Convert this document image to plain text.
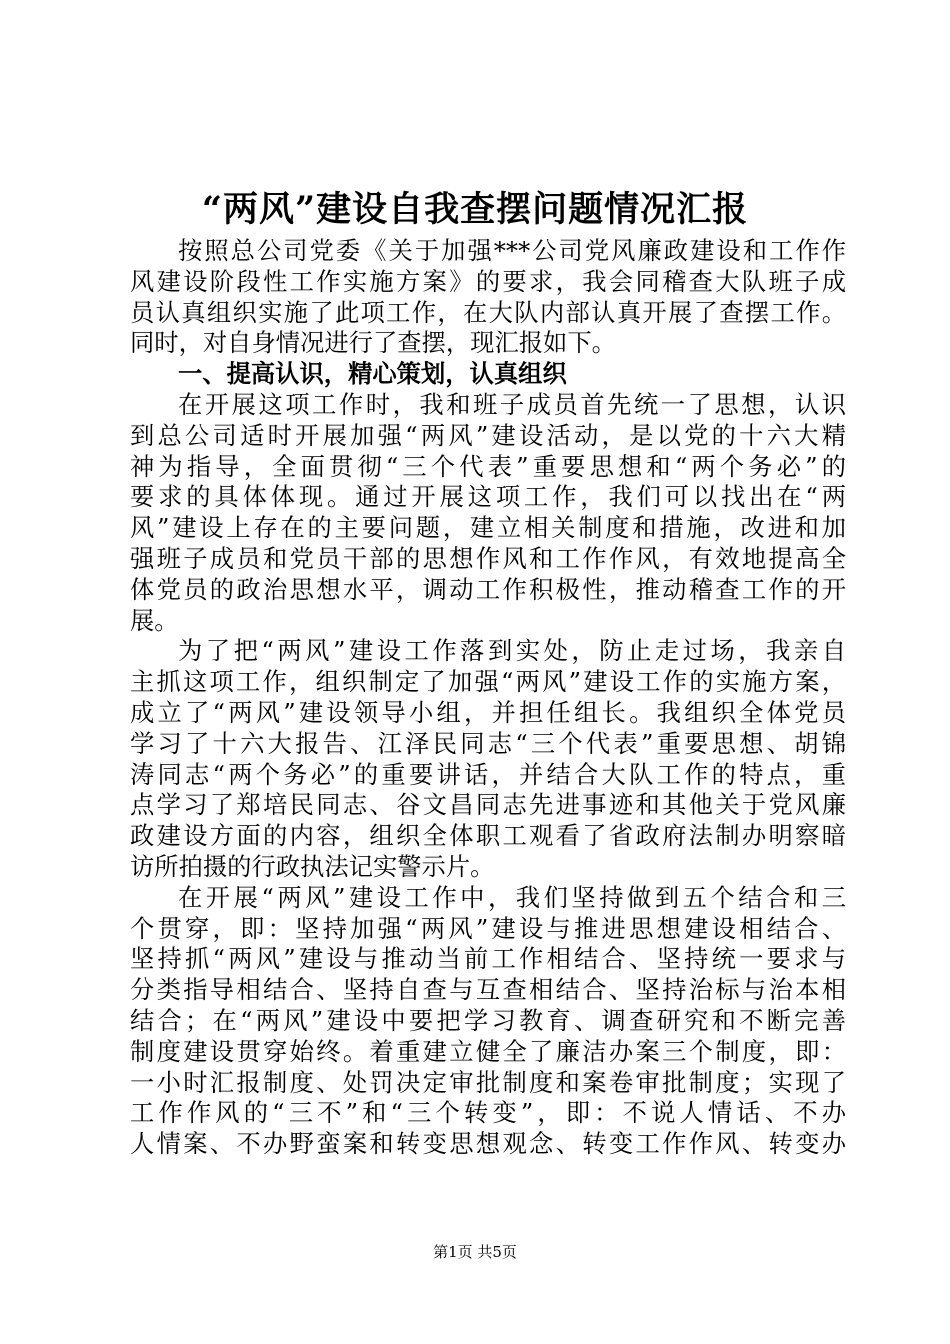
“两风”建设自我查摆问题情况汇报
按照总公司党委《关于加强***公司党风廉政建设和工作作
风建设阶段性工作实施方案》的要求，我会同稽查大队班子成
员认真组织实施了此项工作，在大队内部认真开展了查摆工作。
同时，对自身情况进行了查摆，现汇报如下。
一、提高认识，精心策划，认真组织
在开展这项工作时，我和班子成员首先统一了思想，认识
到总公司适时开展加强“两风”建设活动，是以党的十六大精
神为指导，全面贯彻“三个代表”重要思想和“两个务必”的
要求的具体体现。通过开展这项工作，我们可以找出在“两
风”建设上存在的主要问题，建立相关制度和措施，改进和加
强班子成员和党员干部的思想作风和工作作风，有效地提高全
体党员的政治思想水平，调动工作积极性，推动稽查工作的开
展。
为了把“两风”建设工作落到实处，防止走过场，我亲自
主抓这项工作，组织制定了加强“两风”建设工作的实施方案，
成立了“两风”建设领导小组，并担任组长。我组织全体党员
学习了十六大报告、江泽民同志“三个代表”重要思想、胡锦
涛同志“两个务必”的重要讲话，并结合大队工作的特点，重
点学习了郑培民同志、谷文昌同志先进事迹和其他关于党风廉
政建设方面的内容，组织全体职工观看了省政府法制办明察暗
访所拍摄的行政执法记实警示片。
在开展“两风”建设工作中，我们坚持做到五个结合和三
个贯穿，即：坚持加强“两风”建设与推进思想建设相结合、
坚持抓“两风”建设与推动当前工作相结合、坚持统一要求与
分类指导相结合、坚持自查与互查相结合、坚持治标与治本相
结合；在“两风”建设中要把学习教育、调查研究和不断完善
制度建设贯穿始终。着重建立健全了廉洁办案三个制度，即：
一小时汇报制度、处罚决定审批制度和案卷审批制度；实现了
工作作风的“三不”和“三个转变”，即：不说人情话、不办
人情案、不办野蛮案和转变思想观念、转变工作作风、转变办
第1页 共5页
